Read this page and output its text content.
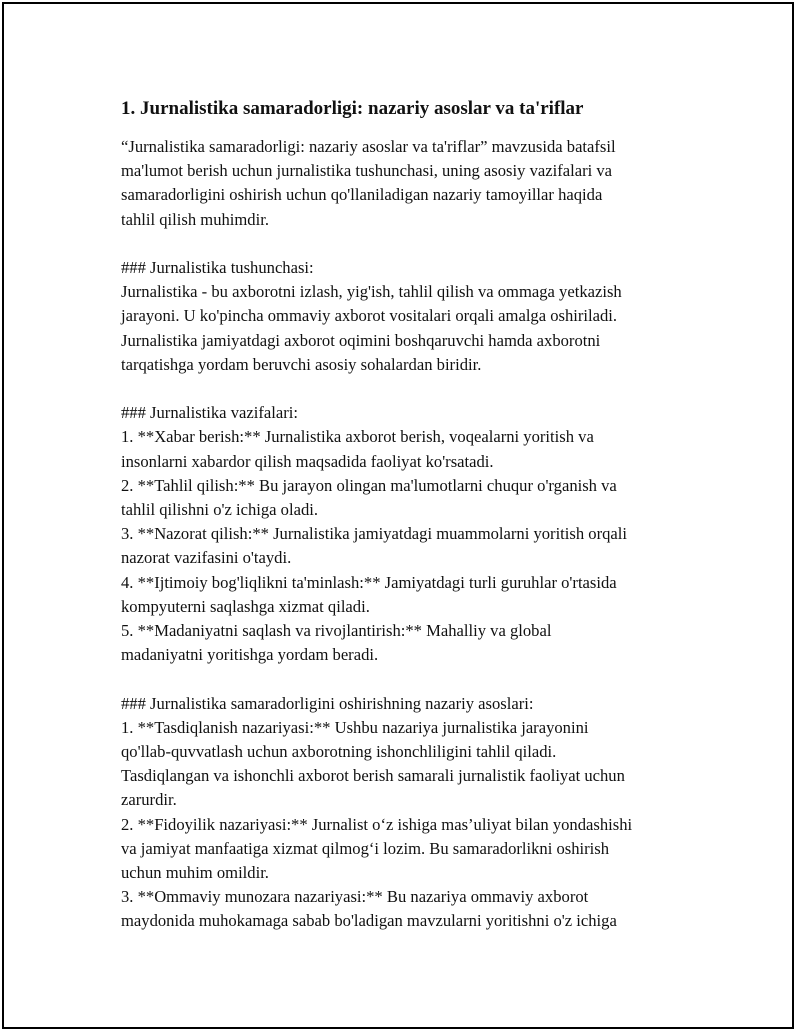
1. Jurnalistika samaradorligi: nazariy asoslar va ta'riflar
“Jurnalistika samaradorligi: nazariy asoslar va ta'riflar” mavzusida batafsil
ma'lumot berish uchun jurnalistika tushunchasi, uning asosiy vazifalari va
samaradorligini oshirish uchun qo'llaniladigan nazariy tamoyillar haqida
tahlil qilish muhimdir.
### Jurnalistika tushunchasi:
Jurnalistika - bu axborotni izlash, yig'ish, tahlil qilish va ommaga yetkazish
jarayoni. U ko'pincha ommaviy axborot vositalari orqali amalga oshiriladi.
Jurnalistika jamiyatdagi axborot oqimini boshqaruvchi hamda axborotni
tarqatishga yordam beruvchi asosiy sohalardan biridir.
### Jurnalistika vazifalari:
1. **Xabar berish:** Jurnalistika axborot berish, voqealarni yoritish va
insonlarni xabardor qilish maqsadida faoliyat ko'rsatadi.
2. **Tahlil qilish:** Bu jarayon olingan ma'lumotlarni chuqur o'rganish va
tahlil qilishni o'z ichiga oladi.
3. **Nazorat qilish:** Jurnalistika jamiyatdagi muammolarni yoritish orqali
nazorat vazifasini o'taydi.
4. **Ijtimoiy bog'liqlikni ta'minlash:** Jamiyatdagi turli guruhlar o'rtasida
kompyuterni saqlashga xizmat qiladi.
5. **Madaniyatni saqlash va rivojlantirish:** Mahalliy va global
madaniyatni yoritishga yordam beradi.
### Jurnalistika samaradorligini oshirishning nazariy asoslari:
1. **Tasdiqlanish nazariyasi:** Ushbu nazariya jurnalistika jarayonini
qo'llab-quvvatlash uchun axborotning ishonchliligini tahlil qiladi.
Tasdiqlangan va ishonchli axborot berish samarali jurnalistik faoliyat uchun
zarurdir.
2. **Fidoyilik nazariyasi:** Jurnalist o‘z ishiga mas’uliyat bilan yondashishi
va jamiyat manfaatiga xizmat qilmog‘i lozim. Bu samaradorlikni oshirish
uchun muhim omildir.
3. **Ommaviy munozara nazariyasi:** Bu nazariya ommaviy axborot
maydonida muhokamaga sabab bo'ladigan mavzularni yoritishni o'z ichiga
